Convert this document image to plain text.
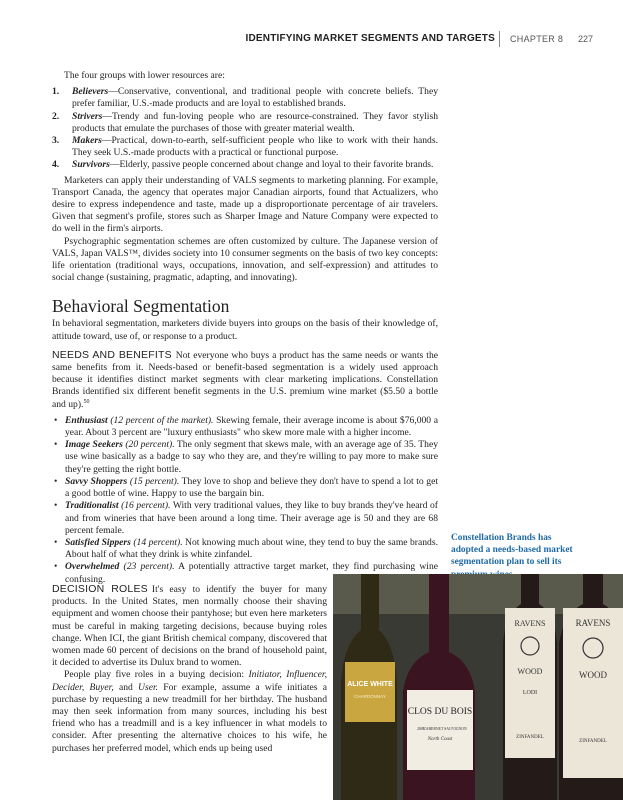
IDENTIFYING MARKET SEGMENTS AND TARGETS CHAPTER 8 227

The four groups with lower resources are:

1. Believers—Conservative, conventional, and traditional people with concrete beliefs. They prefer familiar, U.S.-made products and are loyal to established brands.
2. Strivers—Trendy and fun-loving people who are resource-constrained. They favor stylish products that emulate the purchases of those with greater material wealth.
3. Makers—Practical, down-to-earth, self-sufficient people who like to work with their hands. They seek U.S.-made products with a practical or functional purpose.
4. Survivors—Elderly, passive people concerned about change and loyal to their favorite brands.

Marketers can apply their understanding of VALS segments to marketing planning. For example, Transport Canada, the agency that operates major Canadian airports, found that Actualizers, who desire to express independence and taste, made up a disproportionate percentage of air travelers. Given that segment's profile, stores such as Sharper Image and Nature Company were expected to do well in the firm's airports.

Psychographic segmentation schemes are often customized by culture. The Japanese version of VALS, Japan VALS™, divides society into 10 consumer segments on the basis of two key concepts: life orientation (traditional ways, occupations, innovation, and self-expression) and attitudes to social change (sustaining, pragmatic, adapting, and innovating).

Behavioral Segmentation

In behavioral segmentation, marketers divide buyers into groups on the basis of their knowledge of, attitude toward, use of, or response to a product.

NEEDS AND BENEFITS Not everyone who buys a product has the same needs or wants the same benefits from it. Needs-based or benefit-based segmentation is a widely used approach because it identifies distinct market segments with clear marketing implications. Constellation Brands identified six different benefit segments in the U.S. premium wine market ($5.50 a bottle and up).$^{50}$

• Enthusiast (12 percent of the market). Skewing female, their average income is about $76,000 a year. About 3 percent are "luxury enthusiasts" who skew more male with a higher income.
• Image Seekers (20 percent). The only segment that skews male, with an average age of 35. They use wine basically as a badge to say who they are, and they're willing to pay more to make sure they're getting the right bottle.
• Savvy Shoppers (15 percent). They love to shop and believe they don't have to spend a lot to get a good bottle of wine. Happy to use the bargain bin.
• Traditionalist (16 percent). With very traditional values, they like to buy brands they've heard of and from wineries that have been around a long time. Their average age is 50 and they are 68 percent female.
• Satisfied Sippers (14 percent). Not knowing much about wine, they tend to buy the same brands. About half of what they drink is white zinfandel.
• Overwhelmed (23 percent). A potentially attractive target market, they find purchasing wine confusing.
Constellation Brands has adopted a needs-based market segmentation plan to sell its

DECISION ROLES It's easy to identify the buyer for many products. In the United States, men normally choose their shaving equipment and women choose their pantyhose; but even here marketers must be careful in making targeting decisions, because buying roles change. When ICI, the giant British chemical company, discovered that women made 60 percent of decisions on the brand of household paint, it decided to advertise its Dulux brand to women.

People play five roles in a buying decision: Initiator, Influencer, Decider, Buyer, and User. For example, assume a wife initiates a purchase by requesting a new treadmill for her birthday. The husband may then seek information from many sources, including his best friend who has a treadmill and is a key influencer in what models to consider. After presenting the alternative choices to his wife, he purchases her preferred model, which ends up being used

ALICE WHITE
CHARDONNAY
CLOS DU BOIS
2005
CABERNET SAUVIGNON
North Coast
RAVENS
WOOD
LODI
ZINFANDEL
RAVENS
WOOD
ZINFANDEL
